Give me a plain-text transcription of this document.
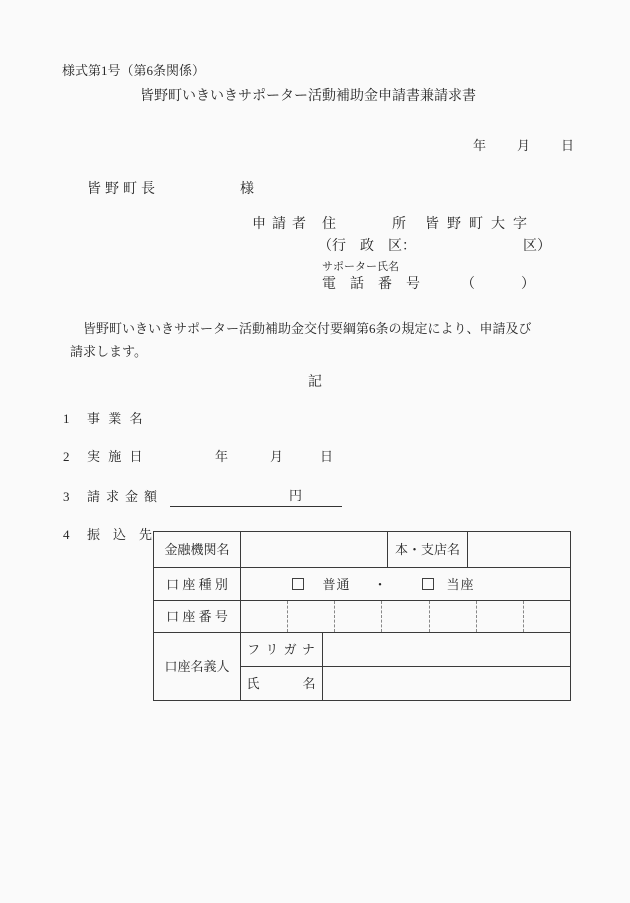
様式第1号（第6条関係）
皆野町いきいきサポーター活動補助金申請書兼請求書
年 月 日
皆野町長	様
申請者 住　　　　所 皆野町大字
（行　政　区：	区）
サポーター氏名
電　話　番　号	（	）
皆野町いきいきサポーター活動補助金交付要綱第6条の規定により、申請及び
請求します。
記
1 事 業 名
2 実 施 日	年	月	日
3 請求金額	円
4 振　込　先
金融機関名	本・支店名
口 座 種 別	普通 ・	当座
口 座 番 号
口座名義人
フ リ ガ ナ
氏　　　名
